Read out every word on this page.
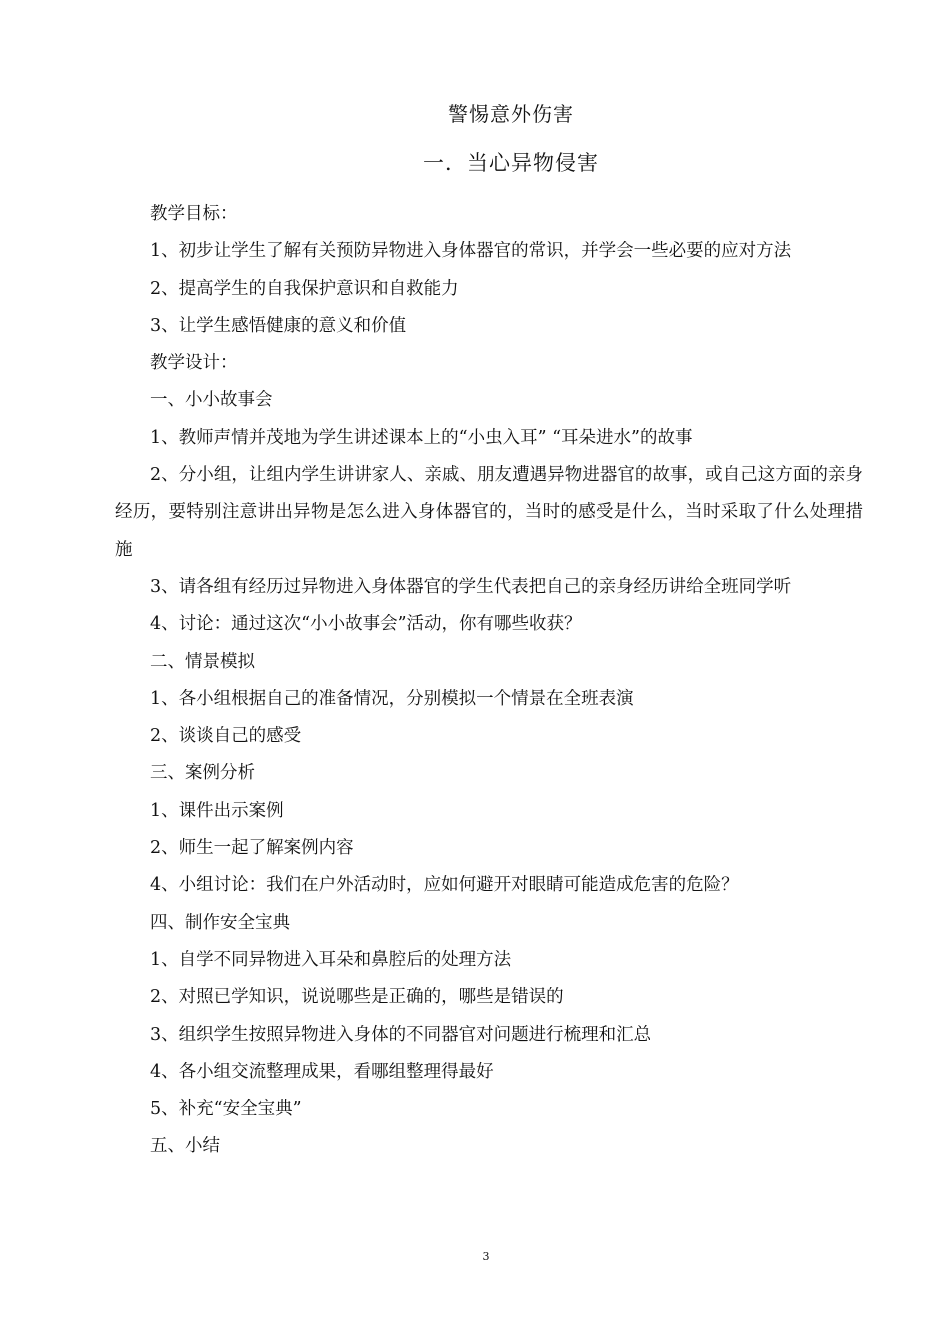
警惕意外伤害
一．当心异物侵害

教学目标：

1、初步让学生了解有关预防异物进入身体器官的常识，并学会一些必要的应对方法

2、提高学生的自我保护意识和自救能力

3、让学生感悟健康的意义和价值

教学设计：

一、小小故事会

1、教师声情并茂地为学生讲述课本上的“小虫入耳” “耳朵进水”的故事

2、分小组，让组内学生讲讲家人、亲戚、朋友遭遇异物进器官的故事，或自己这方面的亲身经历，要特别注意讲出异物是怎么进入身体器官的，当时的感受是什么，当时采取了什么处理措施

3、请各组有经历过异物进入身体器官的学生代表把自己的亲身经历讲给全班同学听

4、讨论：通过这次“小小故事会”活动，你有哪些收获？

二、情景模拟

1、各小组根据自己的准备情况，分别模拟一个情景在全班表演

2、谈谈自己的感受

三、案例分析

1、课件出示案例

2、师生一起了解案例内容

4、小组讨论：我们在户外活动时，应如何避开对眼睛可能造成危害的危险？

四、制作安全宝典

1、自学不同异物进入耳朵和鼻腔后的处理方法

2、对照已学知识，说说哪些是正确的，哪些是错误的

3、组织学生按照异物进入身体的不同器官对问题进行梳理和汇总

4、各小组交流整理成果，看哪组整理得最好

5、补充“安全宝典”

五、小结

3
